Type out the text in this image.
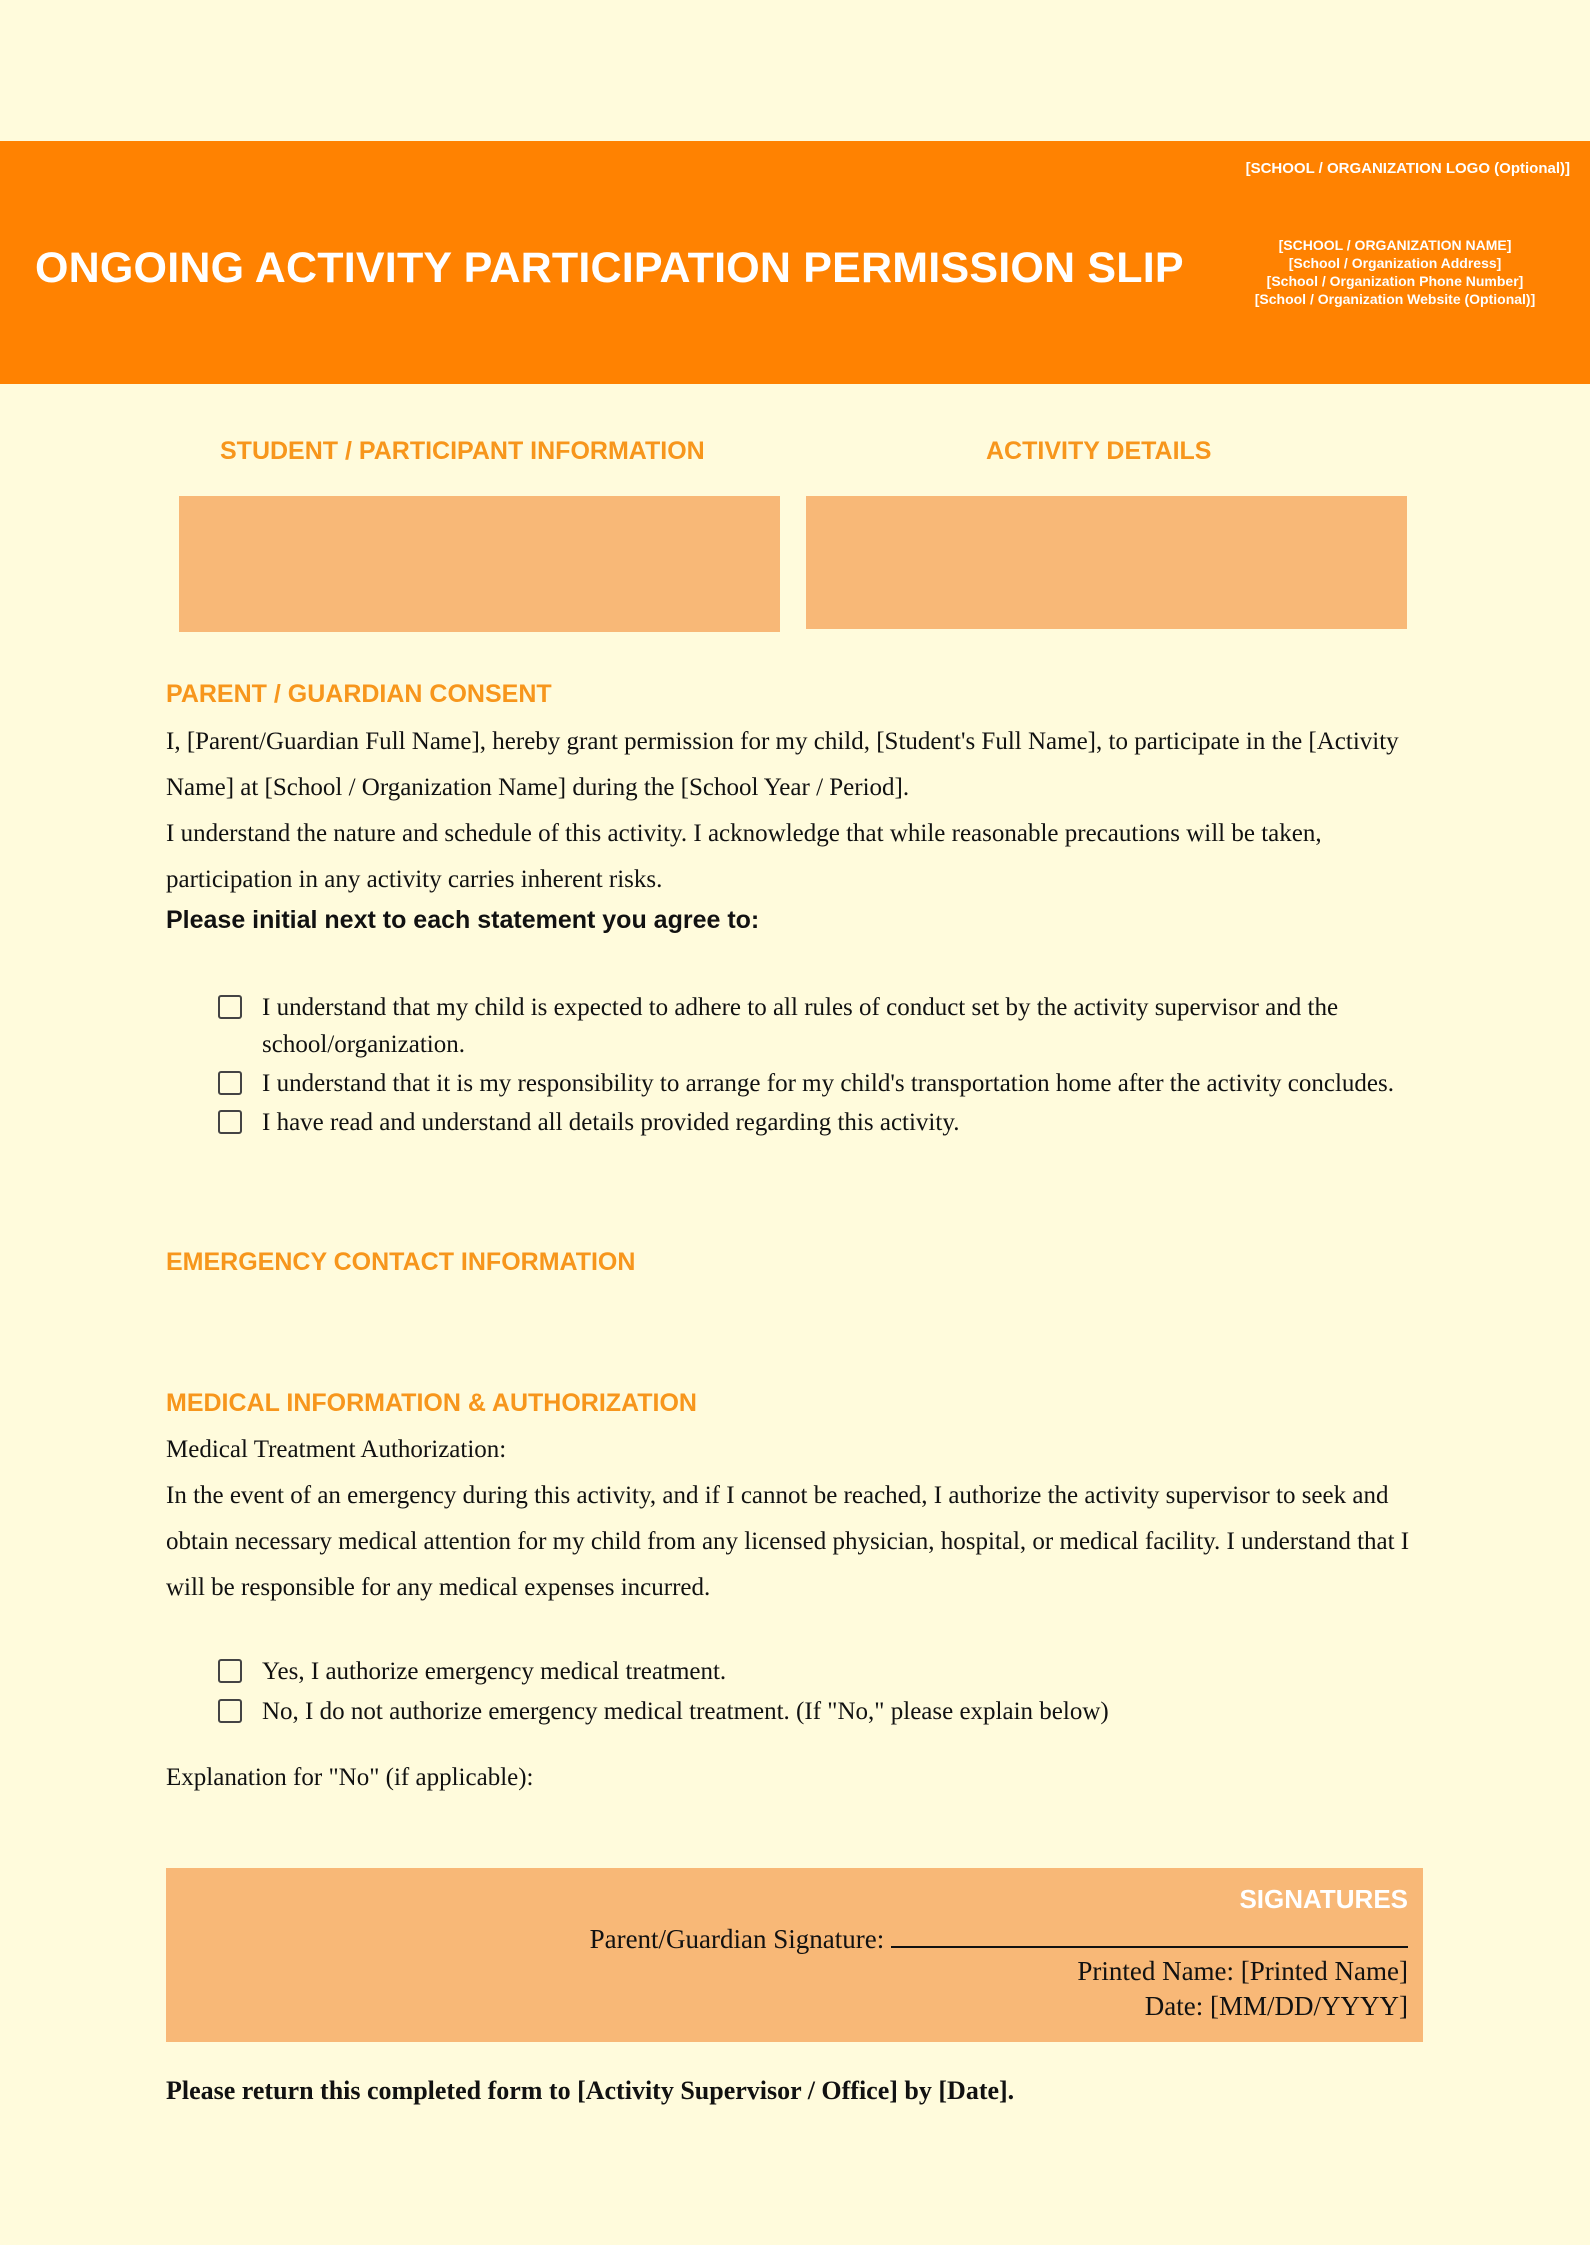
ONGOING ACTIVITY PARTICIPATION PERMISSION SLIP
[SCHOOL / ORGANIZATION LOGO (Optional)]
[SCHOOL / ORGANIZATION NAME]
[School / Organization Address]
[School / Organization Phone Number]
[School / Organization Website (Optional)]
STUDENT / PARTICIPANT INFORMATION	ACTIVITY DETAILS
PARENT / GUARDIAN CONSENT

I, [Parent/Guardian Full Name], hereby grant permission for my child, [Student's Full Name], to participate in the [Activity Name] at [School / Organization Name] during the [School Year / Period].

I understand the nature and schedule of this activity. I acknowledge that while reasonable precautions will be taken, participation in any activity carries inherent risks.

Please initial next to each statement you agree to:
I understand that my child is expected to adhere to all rules of conduct set by the activity supervisor and the school/organization.
I understand that it is my responsibility to arrange for my child's transportation home after the activity concludes.
I have read and understand all details provided regarding this activity.
EMERGENCY CONTACT INFORMATION
MEDICAL INFORMATION & AUTHORIZATION

Medical Treatment Authorization:

In the event of an emergency during this activity, and if I cannot be reached, I authorize the activity supervisor to seek and obtain necessary medical attention for my child from any licensed physician, hospital, or medical facility. I understand that I will be responsible for any medical expenses incurred.

Yes, I authorize emergency medical treatment.
No, I do not authorize emergency medical treatment. (If "No," please explain below)
Explanation for "No" (if applicable):
SIGNATURES
Parent/Guardian Signature:
Printed Name: [Printed Name]
Date: [MM/DD/YYYY]
Please return this completed form to [Activity Supervisor / Office] by [Date].
